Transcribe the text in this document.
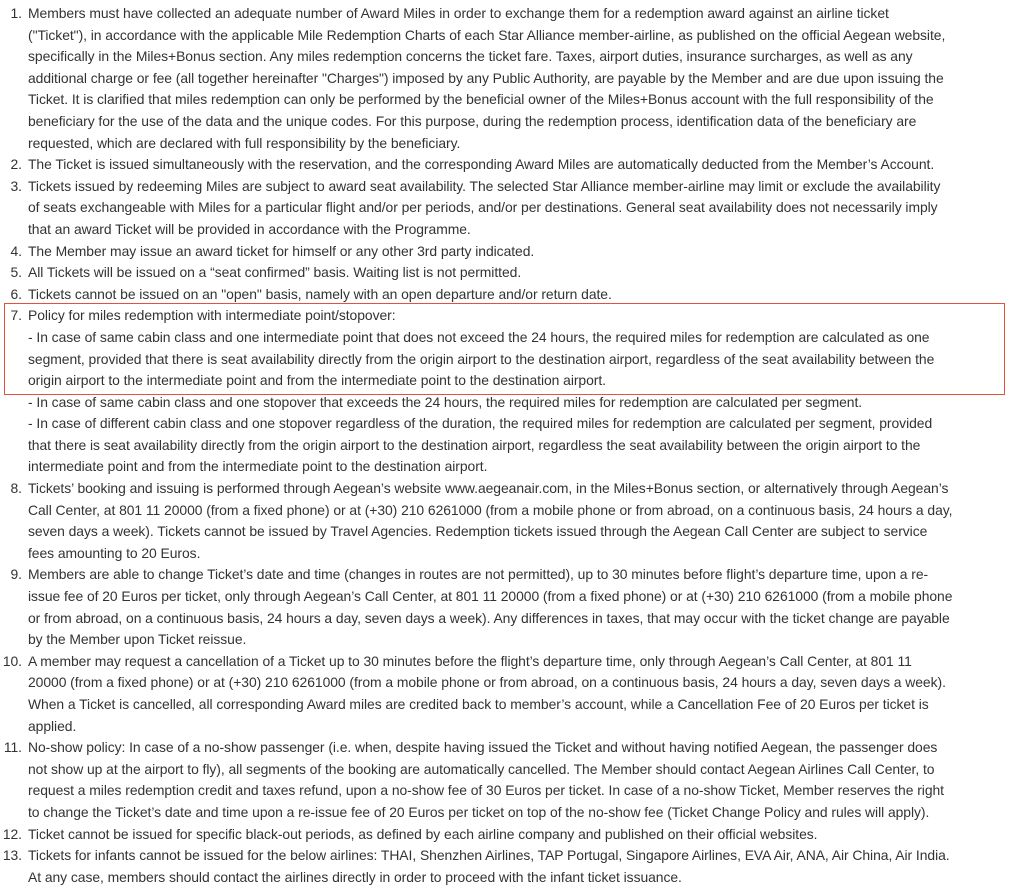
1. Members must have collected an adequate number of Award Miles in order to exchange them for a redemption award against an airline ticket
("Ticket"), in accordance with the applicable Mile Redemption Charts of each Star Alliance member-airline, as published on the official Aegean website,
specifically in the Miles+Bonus section. Any miles redemption concerns the ticket fare. Taxes, airport duties, insurance surcharges, as well as any
additional charge or fee (all together hereinafter "Charges") imposed by any Public Authority, are payable by the Member and are due upon issuing the
Ticket. It is clarified that miles redemption can only be performed by the beneficial owner of the Miles+Bonus account with the full responsibility of the
beneficiary for the use of the data and the unique codes. For this purpose, during the redemption process, identification data of the beneficiary are
requested, which are declared with full responsibility by the beneficiary.
2. The Ticket is issued simultaneously with the reservation, and the corresponding Award Miles are automatically deducted from the Member’s Account.
3. Tickets issued by redeeming Miles are subject to award seat availability. The selected Star Alliance member-airline may limit or exclude the availability
of seats exchangeable with Miles for a particular flight and/or per periods, and/or per destinations. General seat availability does not necessarily imply
that an award Ticket will be provided in accordance with the Programme.
4. The Member may issue an award ticket for himself or any other 3rd party indicated.
5. All Tickets will be issued on a “seat confirmed” basis. Waiting list is not permitted.
6. Tickets cannot be issued on an "open" basis, namely with an open departure and/or return date.
7. Policy for miles redemption with intermediate point/stopover:
- In case of same cabin class and one intermediate point that does not exceed the 24 hours, the required miles for redemption are calculated as one
segment, provided that there is seat availability directly from the origin airport to the destination airport, regardless of the seat availability between the
origin airport to the intermediate point and from the intermediate point to the destination airport.
- In case of same cabin class and one stopover that exceeds the 24 hours, the required miles for redemption are calculated per segment.
- In case of different cabin class and one stopover regardless of the duration, the required miles for redemption are calculated per segment, provided
that there is seat availability directly from the origin airport to the destination airport, regardless the seat availability between the origin airport to the
intermediate point and from the intermediate point to the destination airport.
8. Tickets’ booking and issuing is performed through Aegean’s website www.aegeanair.com, in the Miles+Bonus section, or alternatively through Aegean’s
Call Center, at 801 11 20000 (from a fixed phone) or at (+30) 210 6261000 (from a mobile phone or from abroad, on a continuous basis, 24 hours a day,
seven days a week). Tickets cannot be issued by Travel Agencies. Redemption tickets issued through the Aegean Call Center are subject to service
fees amounting to 20 Euros.
9. Members are able to change Ticket’s date and time (changes in routes are not permitted), up to 30 minutes before flight’s departure time, upon a re-
issue fee of 20 Euros per ticket, only through Aegean’s Call Center, at 801 11 20000 (from a fixed phone) or at (+30) 210 6261000 (from a mobile phone
or from abroad, on a continuous basis, 24 hours a day, seven days a week). Any differences in taxes, that may occur with the ticket change are payable
by the Member upon Ticket reissue.
10. A member may request a cancellation of a Ticket up to 30 minutes before the flight’s departure time, only through Aegean’s Call Center, at 801 11
20000 (from a fixed phone) or at (+30) 210 6261000 (from a mobile phone or from abroad, on a continuous basis, 24 hours a day, seven days a week).
When a Ticket is cancelled, all corresponding Award miles are credited back to member’s account, while a Cancellation Fee of 20 Euros per ticket is
applied.
11. No-show policy: In case of a no-show passenger (i.e. when, despite having issued the Ticket and without having notified Aegean, the passenger does
not show up at the airport to fly), all segments of the booking are automatically cancelled. The Member should contact Aegean Airlines Call Center, to
request a miles redemption credit and taxes refund, upon a no-show fee of 30 Euros per ticket. In case of a no-show Ticket, Member reserves the right
to change the Ticket’s date and time upon a re-issue fee of 20 Euros per ticket on top of the no-show fee (Ticket Change Policy and rules will apply).
12. Ticket cannot be issued for specific black-out periods, as defined by each airline company and published on their official websites.
13. Tickets for infants cannot be issued for the below airlines: THAI, Shenzhen Airlines, TAP Portugal, Singapore Airlines, EVA Air, ANA, Air China, Air India.
At any case, members should contact the airlines directly in order to proceed with the infant ticket issuance.
